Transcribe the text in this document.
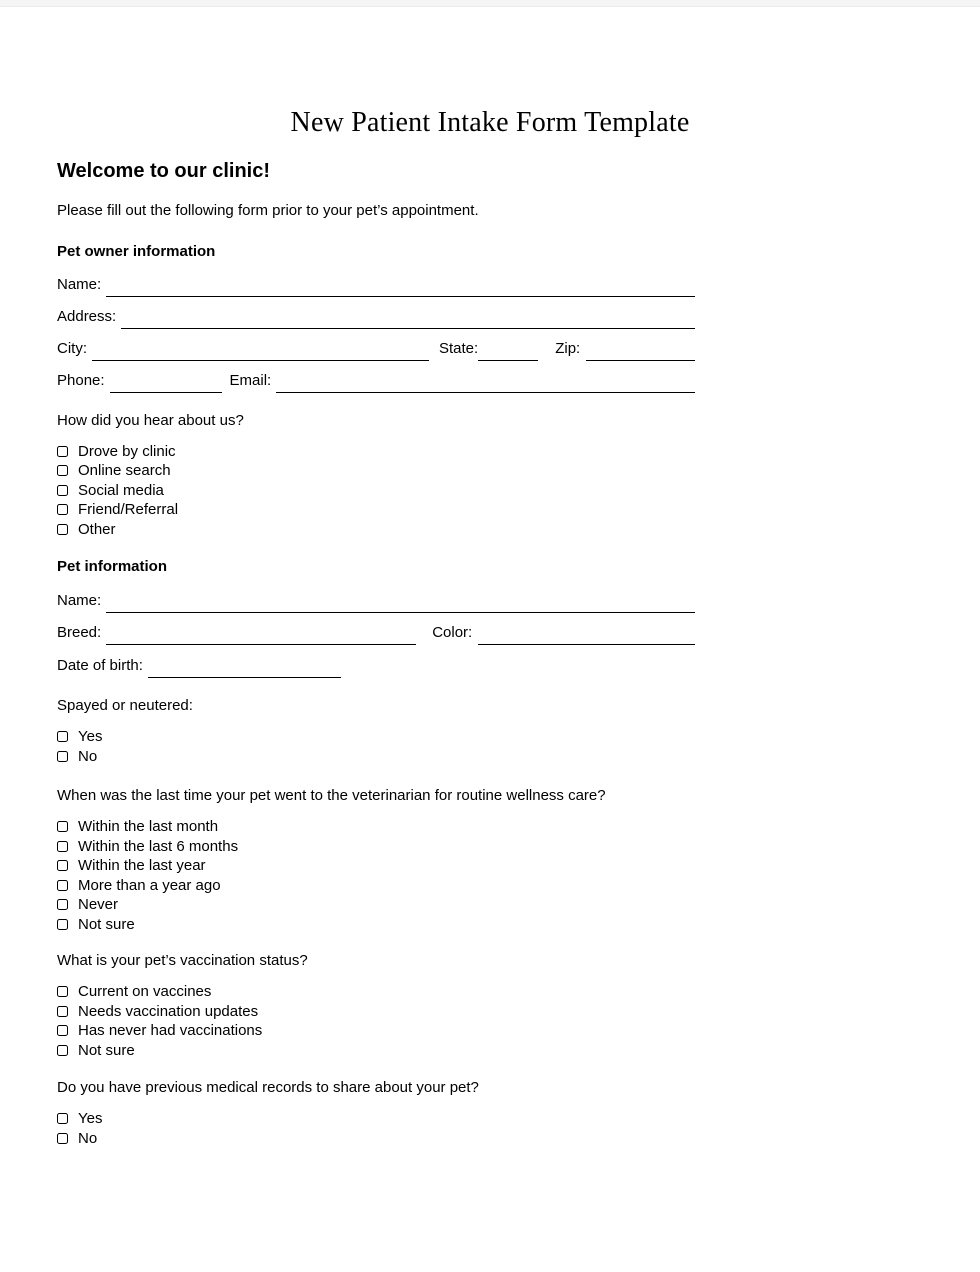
New Patient Intake Form Template
Welcome to our clinic!
Please fill out the following form prior to your pet’s appointment.
Pet owner information
Name:
Address:
City:	State:	Zip:
Phone:	Email:
How did you hear about us?
Drove by clinic
Online search
Social media
Friend/Referral
Other
Pet information
Name:
Breed:	Color:
Date of birth:
Spayed or neutered:
Yes
No
When was the last time your pet went to the veterinarian for routine wellness care?
Within the last month
Within the last 6 months
Within the last year
More than a year ago
Never
Not sure
What is your pet’s vaccination status?
Current on vaccines
Needs vaccination updates
Has never had vaccinations
Not sure
Do you have previous medical records to share about your pet?
Yes
No
